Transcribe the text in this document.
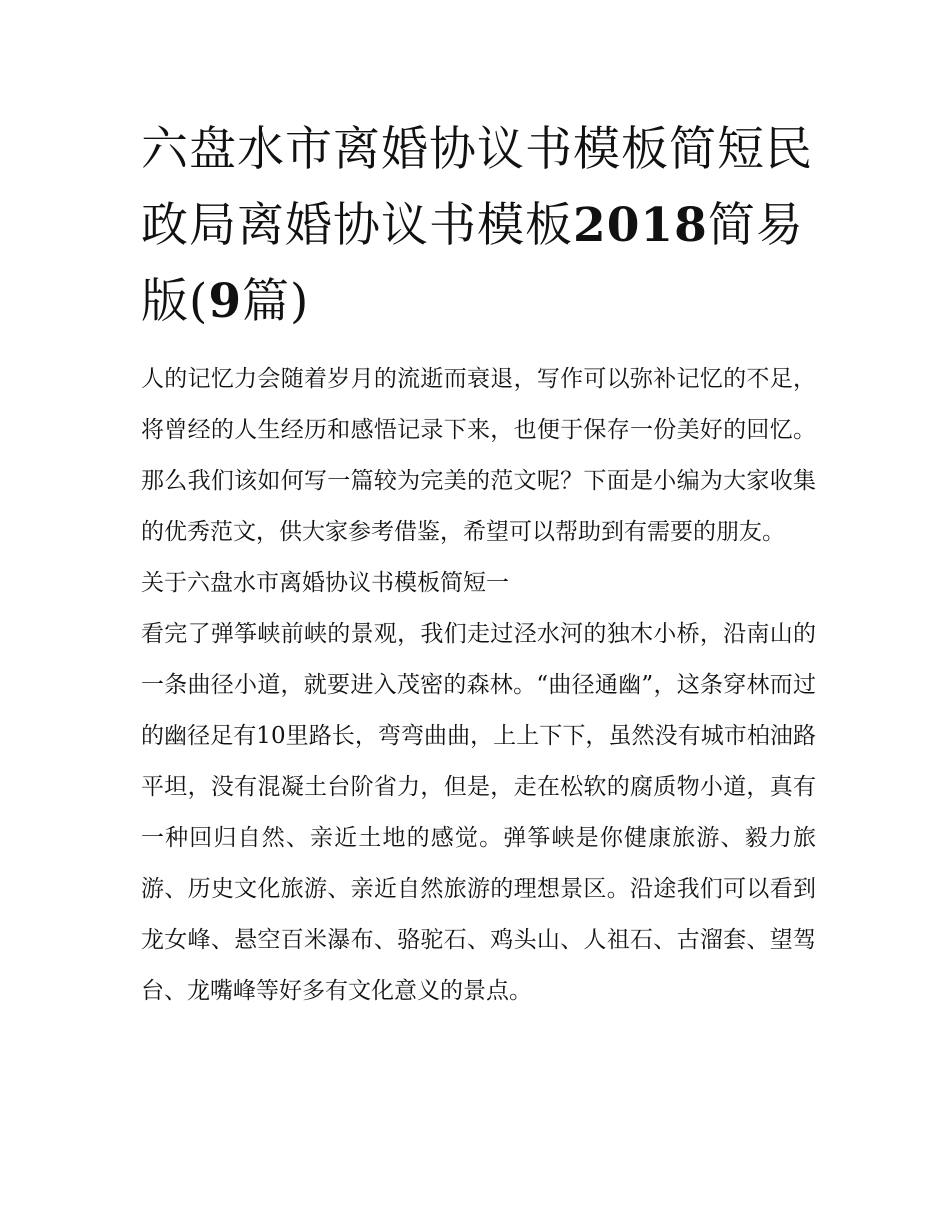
六盘水市离婚协议书模板简短民政局离婚协议书模板2018简易版(9篇)

人的记忆力会随着岁月的流逝而衰退，写作可以弥补记忆的不足，将曾经的人生经历和感悟记录下来，也便于保存一份美好的回忆。那么我们该如何写一篇较为完美的范文呢？下面是小编为大家收集的优秀范文，供大家参考借鉴，希望可以帮助到有需要的朋友。

关于六盘水市离婚协议书模板简短一

看完了弹筝峡前峡的景观，我们走过泾水河的独木小桥，沿南山的一条曲径小道，就要进入茂密的森林。“曲径通幽”，这条穿林而过的幽径足有10里路长，弯弯曲曲，上上下下，虽然没有城市柏油路平坦，没有混凝土台阶省力，但是，走在松软的腐质物小道，真有一种回归自然、亲近土地的感觉。弹筝峡是你健康旅游、毅力旅游、历史文化旅游、亲近自然旅游的理想景区。沿途我们可以看到龙女峰、悬空百米瀑布、骆驼石、鸡头山、人祖石、古溜套、望驾台、龙嘴峰等好多有文化意义的景点。
